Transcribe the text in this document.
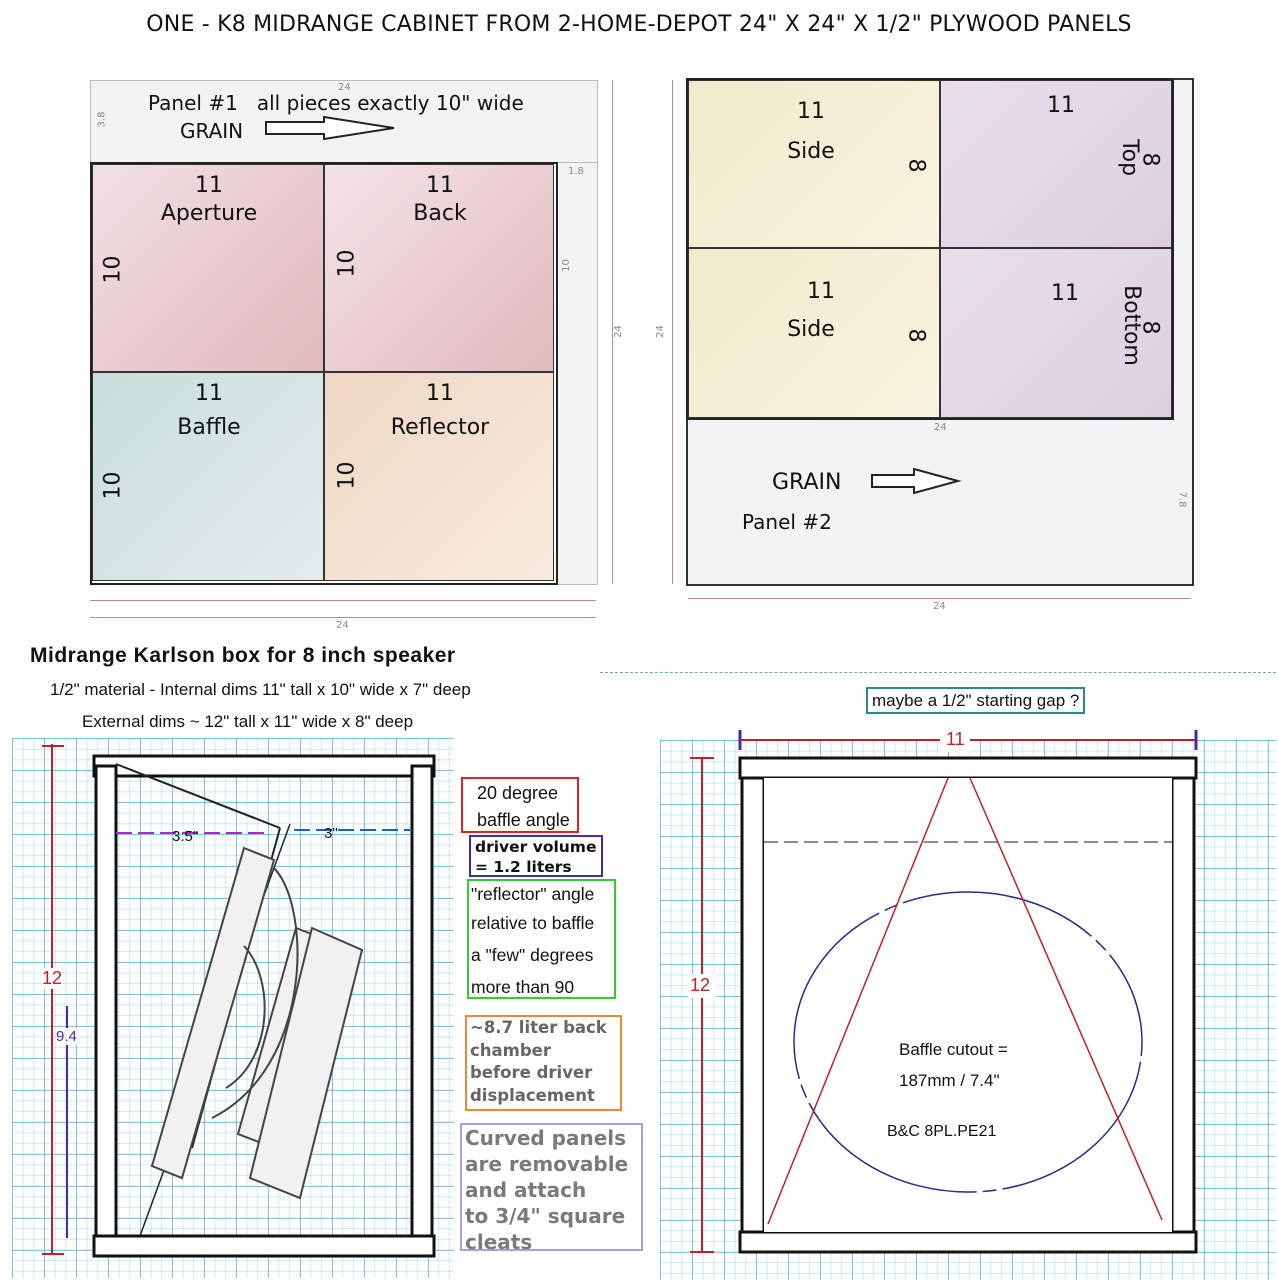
ONE - K8 MIDRANGE CABINET FROM 2-HOME-DEPOT 24" X 24" X 1/2" PLYWOOD PANELS
24
3.8
Panel #1   all pieces exactly 10" wide
GRAIN
1.8
10
11
Aperture
10
11
Back
10
11
Baffle
10
11
Reflector
10
24
24
11
Side
8
11
Top
8
11
Side	8
11 Bottom
8
24
7.8
GRAIN
Panel #2
24
24
Midrange Karlson box for 8 inch speaker
1/2" material - Internal dims 11" tall x 10" wide x 7" deep
External dims ~ 12" tall x 11" wide x 8" deep
3.5"	3"
12
9.4
20 degree
baffle angle
driver volume
= 1.2 liters
"reflector" angle
relative to baffle
a "few" degrees
more than 90
~8.7 liter back
chamber
before driver
displacement
Curved panels
are removable
and attach
to 3/4" square
cleats
maybe a 1/2" starting gap ?
11
12
Baffle cutout =
187mm / 7.4"
B&C 8PL.PE21
